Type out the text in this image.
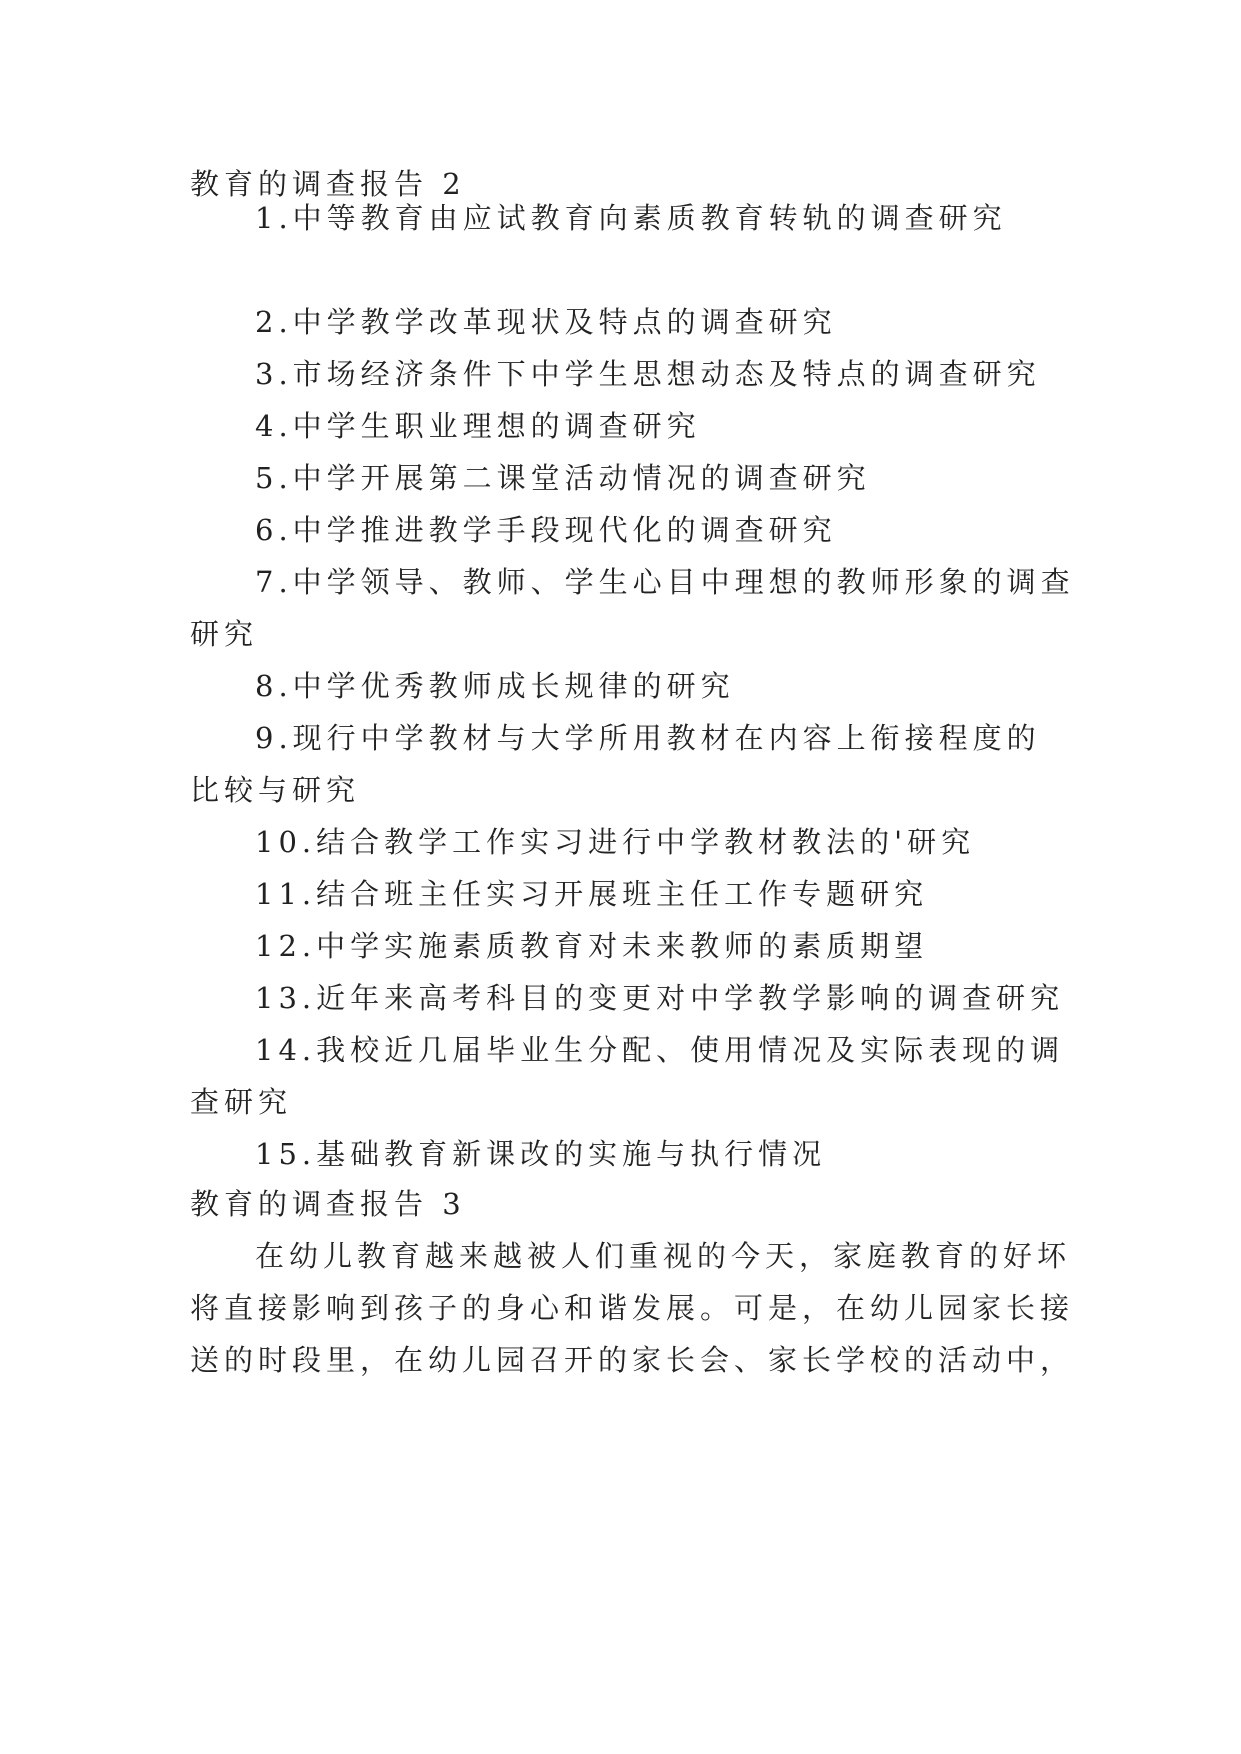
教育的调查报告 2
1.中等教育由应试教育向素质教育转轨的调查研究
2.中学教学改革现状及特点的调查研究
3.市场经济条件下中学生思想动态及特点的调查研究
4.中学生职业理想的调查研究
5.中学开展第二课堂活动情况的调查研究
6.中学推进教学手段现代化的调查研究
7.中学领导、教师、学生心目中理想的教师形象的调查
研究
8.中学优秀教师成长规律的研究
9.现行中学教材与大学所用教材在内容上衔接程度的
比较与研究
10.结合教学工作实习进行中学教材教法的'研究
11.结合班主任实习开展班主任工作专题研究
12.中学实施素质教育对未来教师的素质期望
13.近年来高考科目的变更对中学教学影响的调查研究
14.我校近几届毕业生分配、使用情况及实际表现的调
查研究
15.基础教育新课改的实施与执行情况
教育的调查报告 3
在幼儿教育越来越被人们重视的今天，家庭教育的好坏
将直接影响到孩子的身心和谐发展。可是，在幼儿园家长接
送的时段里，在幼儿园召开的家长会、家长学校的活动中，
